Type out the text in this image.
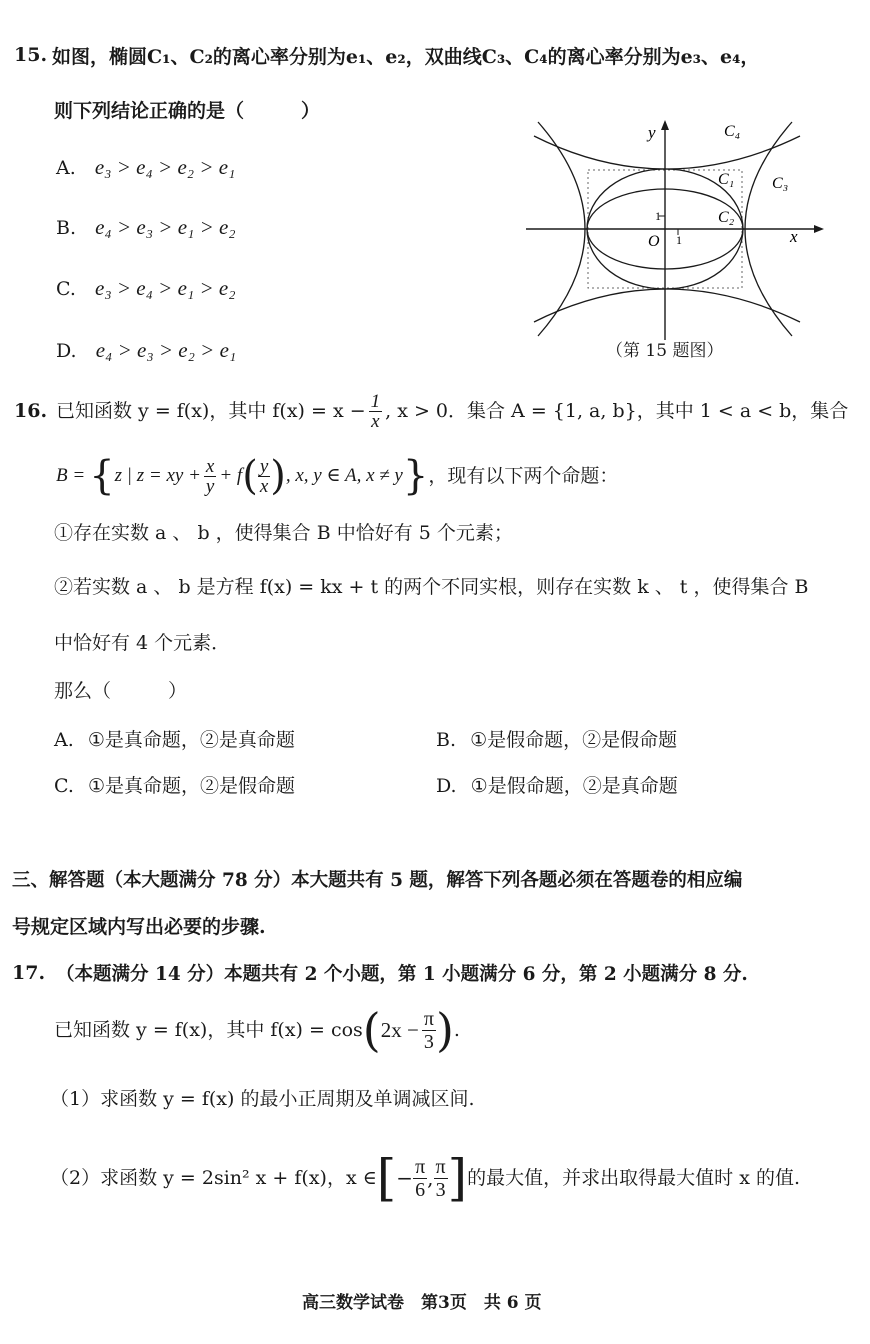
15. 如图，椭圆C₁、C₂的离心率分别为e₁、e₂，双曲线C₃、C₄的离心率分别为e₃、e₄，
则下列结论正确的是（　　　）
A. e₃ > e₄ > e₂ > e₁
B. e₄ > e₃ > e₁ > e₂
C. e₃ > e₄ > e₁ > e₂
D. e₄ > e₃ > e₂ > e₁
y
x
O 1
1
C₄
C₁ C₃
C₂
（第 15 题图）
16. 已知函数 y = f(x)，其中 $f(x) = x - \frac{1}{x}$ , x > 0．集合 A = {1, a, b}，其中 1 < a < b，集合
B = { z | z = xy + $\frac{x}{y} + f$ ( $\frac{y}{x}$ ) , x, y ∈ A, x ≠ y } ，现有以下两个命题：
①存在实数 a 、 b ，使得集合 B 中恰好有 5 个元素；
②若实数 a 、 b 是方程 f(x) = kx + t 的两个不同实根，则存在实数 k 、 t ，使得集合 B
中恰好有 4 个元素．
那么（　　　）
A. ①是真命题，②是真命题	B. ①是假命题，②是假命题
C. ①是真命题，②是假命题	D. ①是假命题，②是真命题
三、解答题（本大题满分 78 分）本大题共有 5 题，解答下列各题必须在答题卷的相应编
号规定区域内写出必要的步骤.
17. （本题满分 14 分）本题共有 2 个小题，第 1 小题满分 6 分，第 2 小题满分 8 分.
已知函数 y = f(x)，其中 f(x) = cos ( $2x - \frac{\pi}{3}$ ) .
（1）求函数 y = f(x) 的最小正周期及单调减区间.
（2）求函数 y = 2sin² x + f(x)，x ∈ [ − $\frac{\pi}{6}$ , $\frac{\pi}{3}$ ] 的最大值，并求出取得最大值时 x 的值.
高三数学试卷　第3页　共 6 页
